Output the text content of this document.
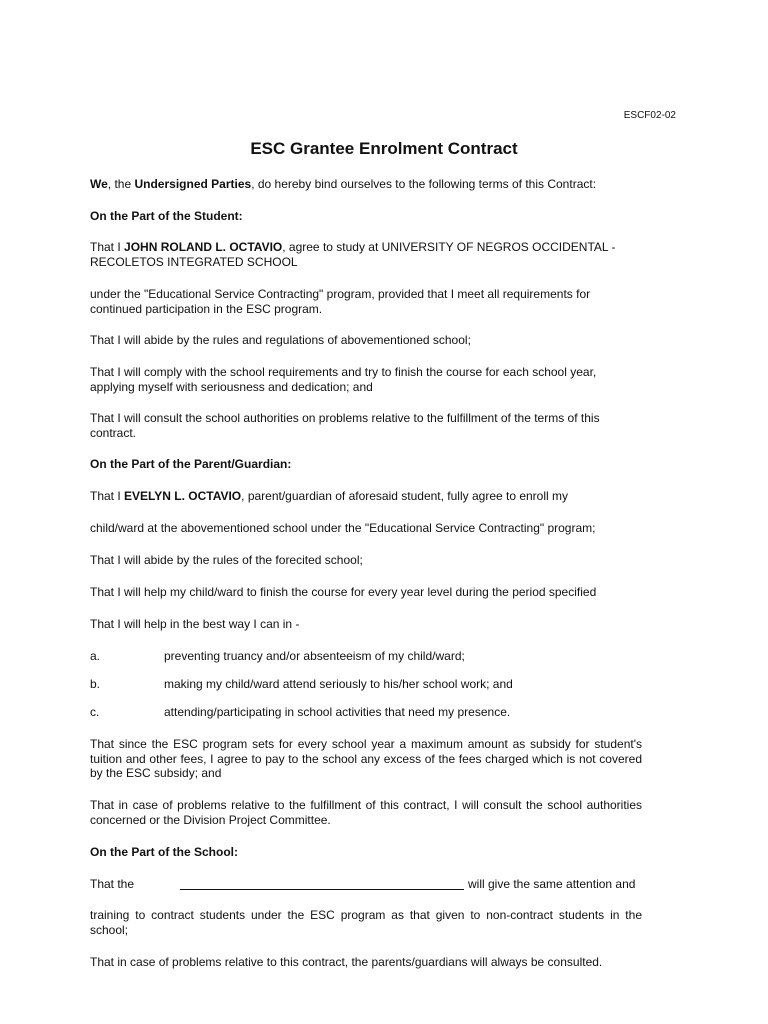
ESCF02-02
ESC Grantee Enrolment Contract

We, the Undersigned Parties, do hereby bind ourselves to the following terms of this Contract:

On the Part of the Student:

That I JOHN ROLAND L. OCTAVIO, agree to study at UNIVERSITY OF NEGROS OCCIDENTAL -RECOLETOS INTEGRATED SCHOOL

under the "Educational Service Contracting" program, provided that I meet all requirements for continued participation in the ESC program.

That I will abide by the rules and regulations of abovementioned school;

That I will comply with the school requirements and try to finish the course for each school year, applying myself with seriousness and dedication; and

That I will consult the school authorities on problems relative to the fulfillment of the terms of this contract.

On the Part of the Parent/Guardian:

That I EVELYN L. OCTAVIO, parent/guardian of aforesaid student, fully agree to enroll my

child/ward at the abovementioned school under the "Educational Service Contracting" program;

That I will abide by the rules of the forecited school;

That I will help my child/ward to finish the course for every year level during the period specified

That I will help in the best way I can in -

a.	preventing truancy and/or absenteeism of my child/ward;
b.	making my child/ward attend seriously to his/her school work; and
c.	attending/participating in school activities that need my presence.

That since the ESC program sets for every school year a maximum amount as subsidy for student's tuition and other fees, I agree to pay to the school any excess of the fees charged which is not covered by the ESC subsidy; and

That in case of problems relative to the fulfillment of this contract, I will consult the school authorities concerned or the Division Project Committee.

On the Part of the School:

That the	will give the same attention and

training to contract students under the ESC program as that given to non-contract students in the school;

That in case of problems relative to this contract, the parents/guardians will always be consulted.
